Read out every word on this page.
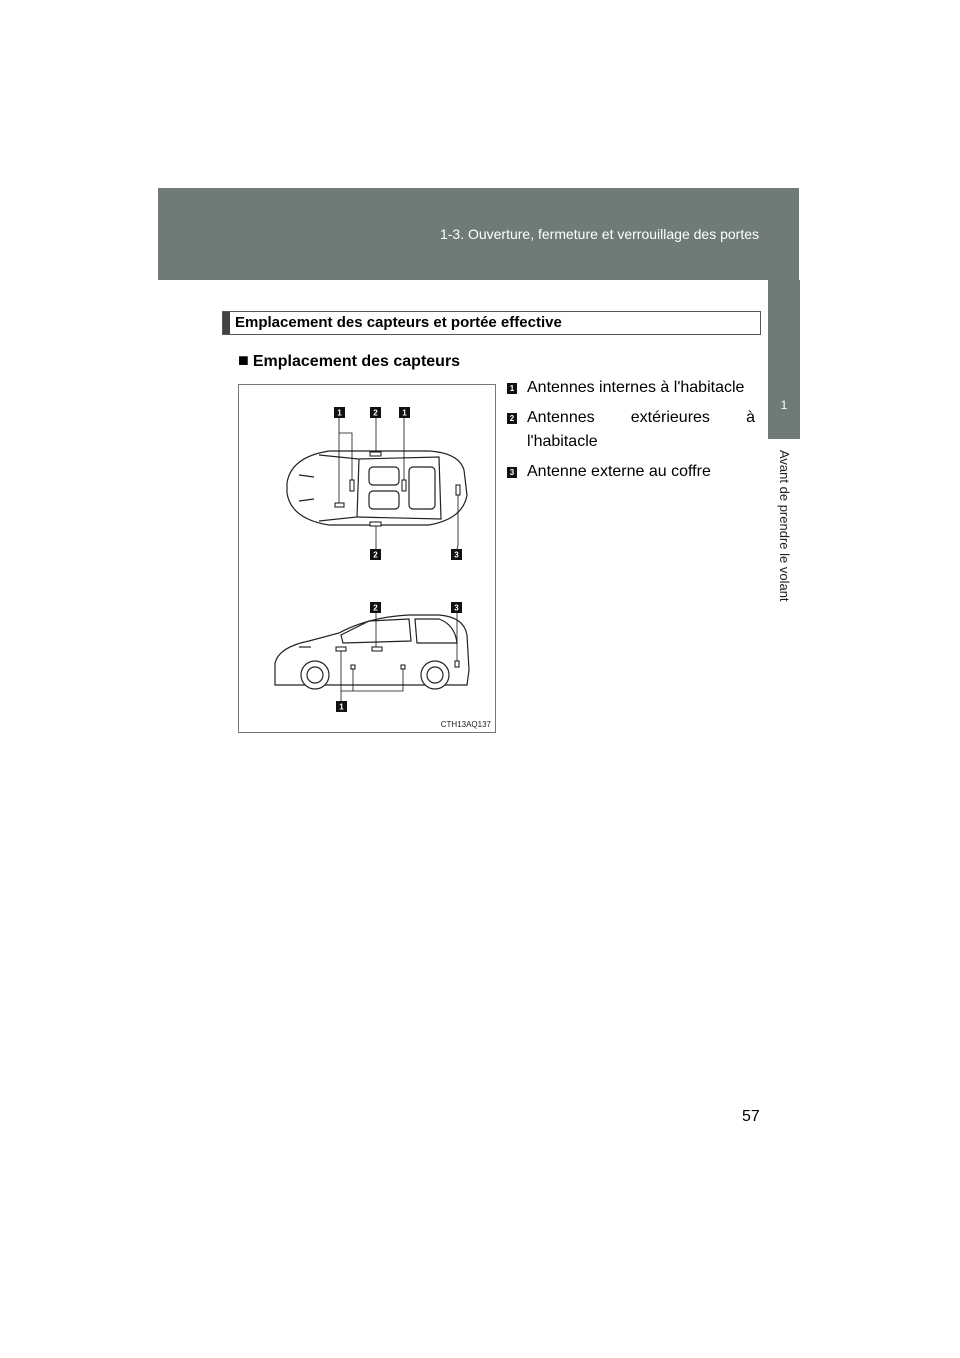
1-3. Ouverture, fermeture et verrouillage des portes
1
Avant de prendre le volant
Emplacement des capteurs et portée effective
■ Emplacement des capteurs
1	2	1
2	3
2	3
1
CTH13AQ137
1 Antennes internes à l'habitacle
2 Antennes extérieures à
l'habitacle
3 Antenne externe au coffre
57
